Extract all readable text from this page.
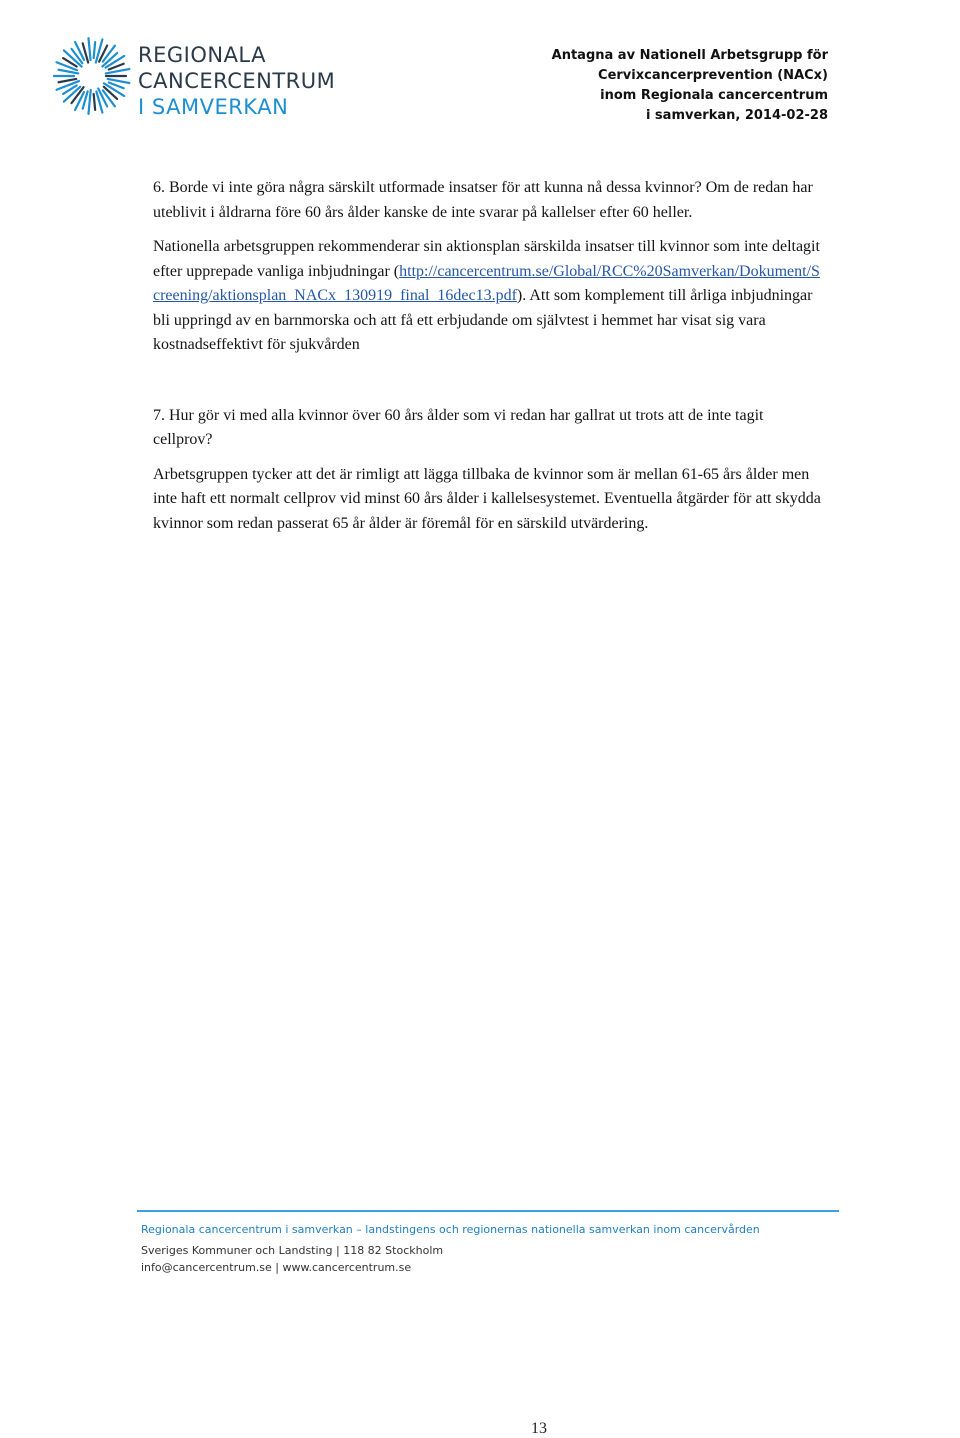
REGIONALA
CANCERCENTRUM
I SAMVERKAN
Antagna av Nationell Arbetsgrupp för
Cervixcancerprevention (NACx)
inom Regionala cancercentrum
i samverkan, 2014-02-28

6. Borde vi inte göra några särskilt utformade insatser för att kunna nå dessa kvinnor? Om de redan har uteblivit i åldrarna före 60 års ålder kanske de inte svarar på kallelser efter 60 heller.

Nationella arbetsgruppen rekommenderar sin aktionsplan särskilda insatser till kvinnor som inte deltagit efter upprepade vanliga inbjudningar (http://cancercentrum.se/Global/RCC%20Samverkan/Dokument/Screening/aktionsplan_NACx_130919_final_16dec13.pdf). Att som komplement till årliga inbjudningar bli uppringd av en barnmorska och att få ett erbjudande om självtest i hemmet har visat sig vara kostnadseffektivt för sjukvården

7. Hur gör vi med alla kvinnor över 60 års ålder som vi redan har gallrat ut trots att de inte tagit cellprov?

Arbetsgruppen tycker att det är rimligt att lägga tillbaka de kvinnor som är mellan 61-65 års ålder men inte haft ett normalt cellprov vid minst 60 års ålder i kallelsesystemet. Eventuella åtgärder för att skydda kvinnor som redan passerat 65 år ålder är föremål för en särskild utvärdering.

Regionala cancercentrum i samverkan – landstingens och regionernas nationella samverkan inom cancervården
Sveriges Kommuner och Landsting | 118 82 Stockholm
info@cancercentrum.se | www.cancercentrum.se
13
